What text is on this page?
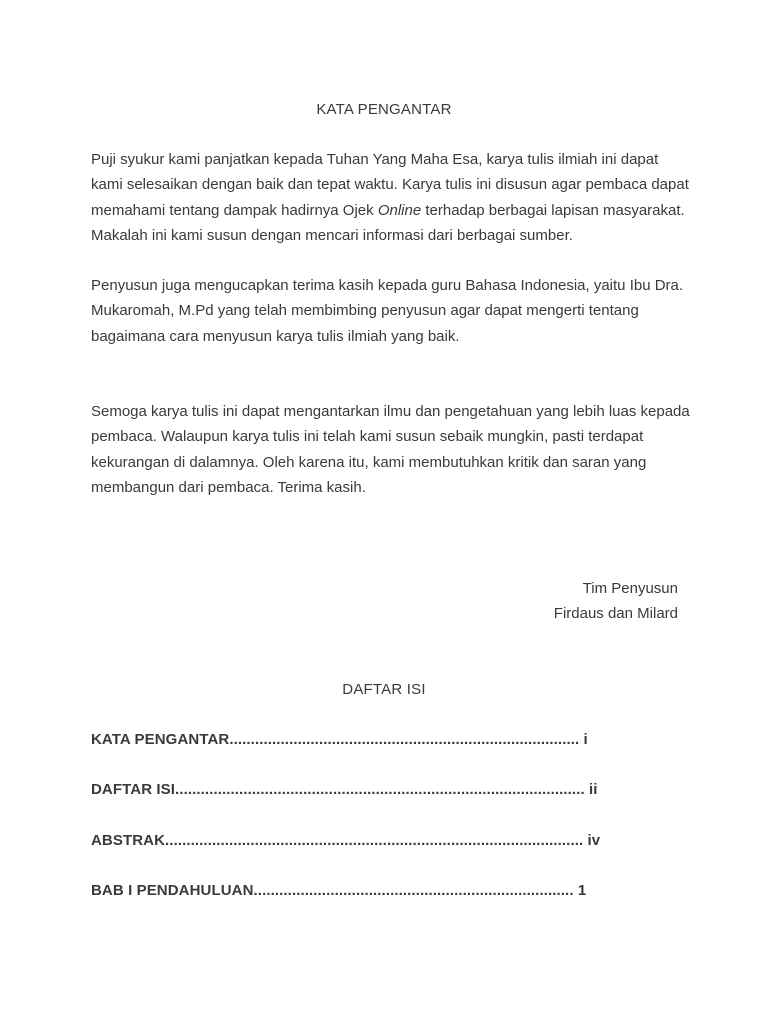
KATA PENGANTAR

Puji syukur kami panjatkan kepada Tuhan Yang Maha Esa, karya tulis ilmiah ini dapat kami selesaikan dengan baik dan tepat waktu. Karya tulis ini disusun agar pembaca dapat memahami tentang dampak hadirnya Ojek Online terhadap berbagai lapisan masyarakat. Makalah ini kami susun dengan mencari informasi dari berbagai sumber.

Penyusun juga mengucapkan terima kasih kepada guru Bahasa Indonesia, yaitu Ibu Dra. Mukaromah, M.Pd yang telah membimbing penyusun agar dapat mengerti tentang bagaimana cara menyusun karya tulis ilmiah yang baik.

Semoga karya tulis ini dapat mengantarkan ilmu dan pengetahuan yang lebih luas kepada pembaca. Walaupun karya tulis ini telah kami susun sebaik mungkin, pasti terdapat kekurangan di dalamnya. Oleh karena itu, kami membutuhkan kritik dan saran yang membangun dari pembaca. Terima kasih.

Tim Penyusun
Firdaus dan Milard
DAFTAR ISI
KATA PENGANTAR.................................................................................. i
DAFTAR ISI................................................................................................ ii
ABSTRAK.................................................................................................. iv
BAB I PENDAHULUAN........................................................................... 1
